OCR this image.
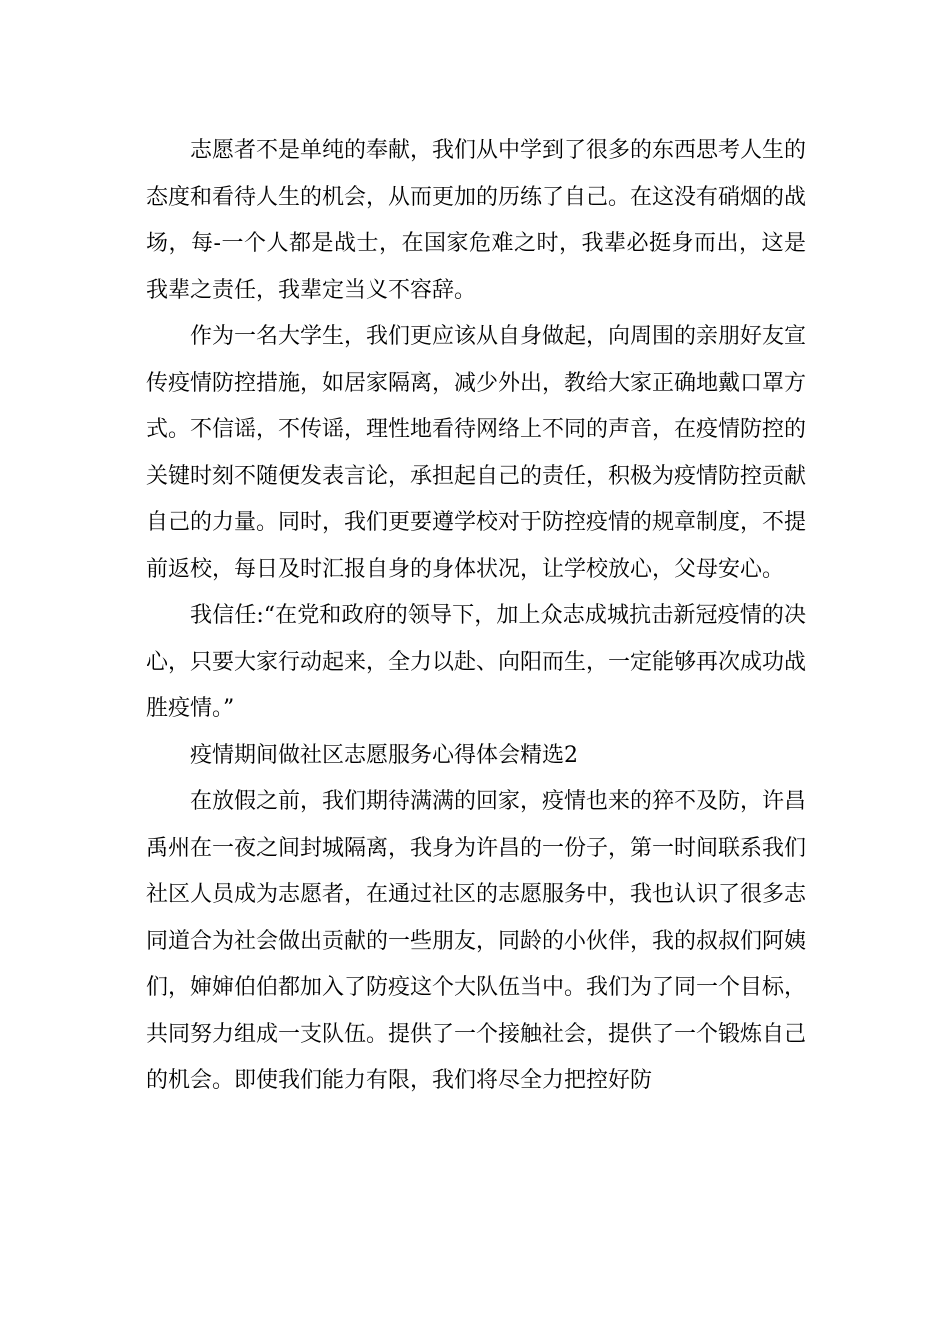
志愿者不是单纯的奉献，我们从中学到了很多的东西思考人生的态度和看待人生的机会，从而更加的历练了自己。在这没有硝烟的战场，每-一个人都是战士，在国家危难之时，我辈必挺身而出，这是我辈之责任，我辈定当义不容辞。

作为一名大学生，我们更应该从自身做起，向周围的亲朋好友宣传疫情防控措施，如居家隔离，减少外出，教给大家正确地戴口罩方式。不信谣，不传谣，理性地看待网络上不同的声音，在疫情防控的关键时刻不随便发表言论，承担起自己的责任，积极为疫情防控贡献自己的力量。同时，我们更要遵学校对于防控疫情的规章制度，不提前返校，每日及时汇报自身的身体状况，让学校放心，父母安心。

我信任:“在党和政府的领导下，加上众志成城抗击新冠疫情的决心，只要大家行动起来，全力以赴、向阳而生，一定能够再次成功战胜疫情。”

疫情期间做社区志愿服务心得体会精选2

在放假之前，我们期待满满的回家，疫情也来的猝不及防，许昌禹州在一夜之间封城隔离，我身为许昌的一份子，第一时间联系我们社区人员成为志愿者，在通过社区的志愿服务中，我也认识了很多志同道合为社会做出贡献的一些朋友，同龄的小伙伴，我的叔叔们阿姨们，婶婶伯伯都加入了防疫这个大队伍当中。我们为了同一个目标，共同努力组成一支队伍。提供了一个接触社会，提供了一个锻炼自己的机会。即使我们能力有限，我们将尽全力把控好防
